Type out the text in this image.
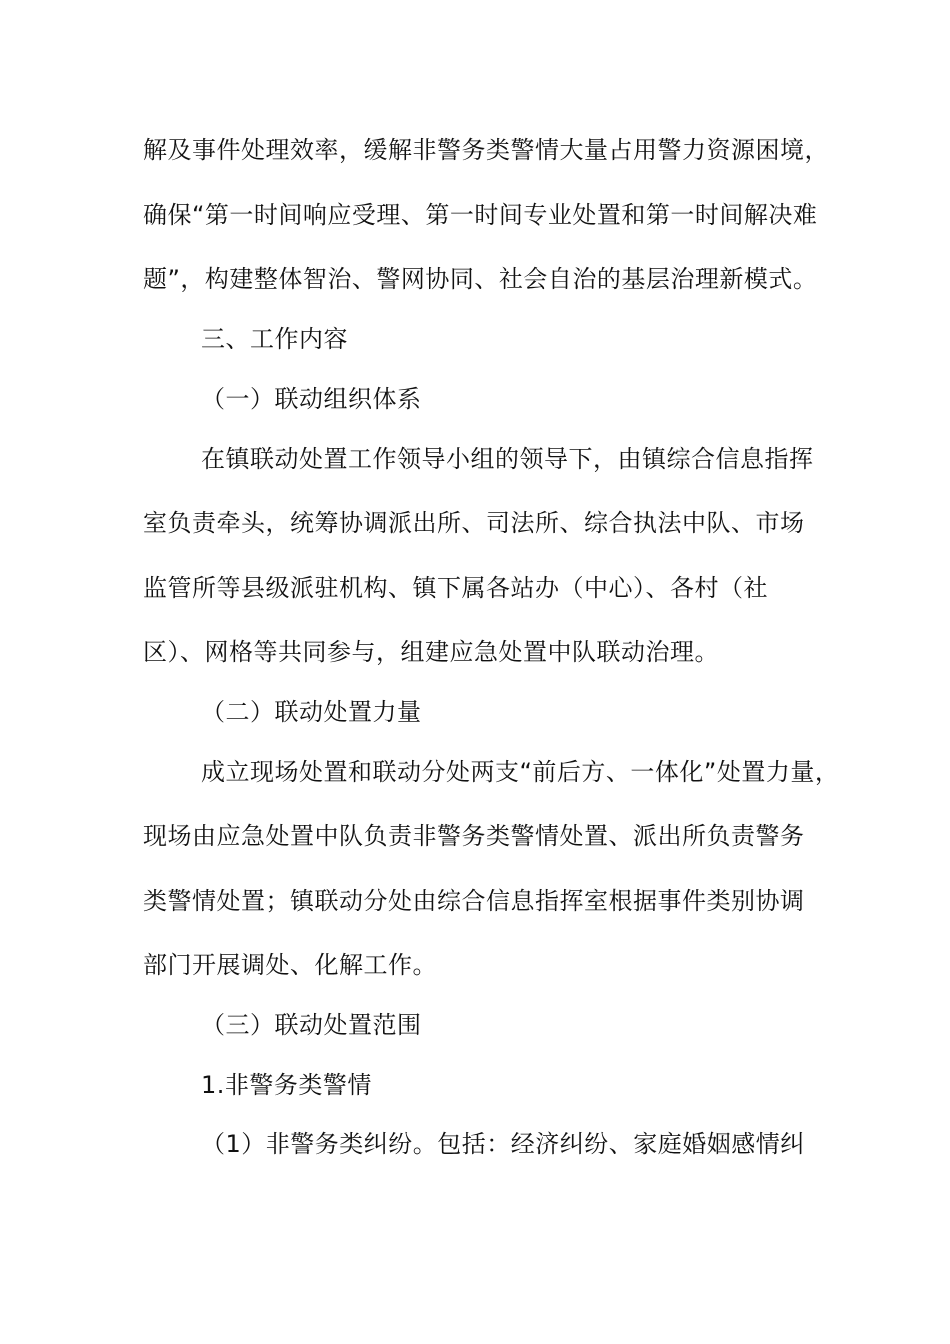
解及事件处理效率，缓解非警务类警情大量占用警力资源困境，
确保“第一时间响应受理、第一时间专业处置和第一时间解决难
题”，构建整体智治、警网协同、社会自治的基层治理新模式。
三、工作内容
（一）联动组织体系
在镇联动处置工作领导小组的领导下，由镇综合信息指挥
室负责牵头，统筹协调派出所、司法所、综合执法中队、市场
监管所等县级派驻机构、镇下属各站办（中心）、各村（社
区）、网格等共同参与，组建应急处置中队联动治理。
（二）联动处置力量
成立现场处置和联动分处两支“前后方、一体化”处置力量，
现场由应急处置中队负责非警务类警情处置、派出所负责警务
类警情处置；镇联动分处由综合信息指挥室根据事件类别协调
部门开展调处、化解工作。
（三）联动处置范围
1.非警务类警情
（1）非警务类纠纷。包括：经济纠纷、家庭婚姻感情纠
